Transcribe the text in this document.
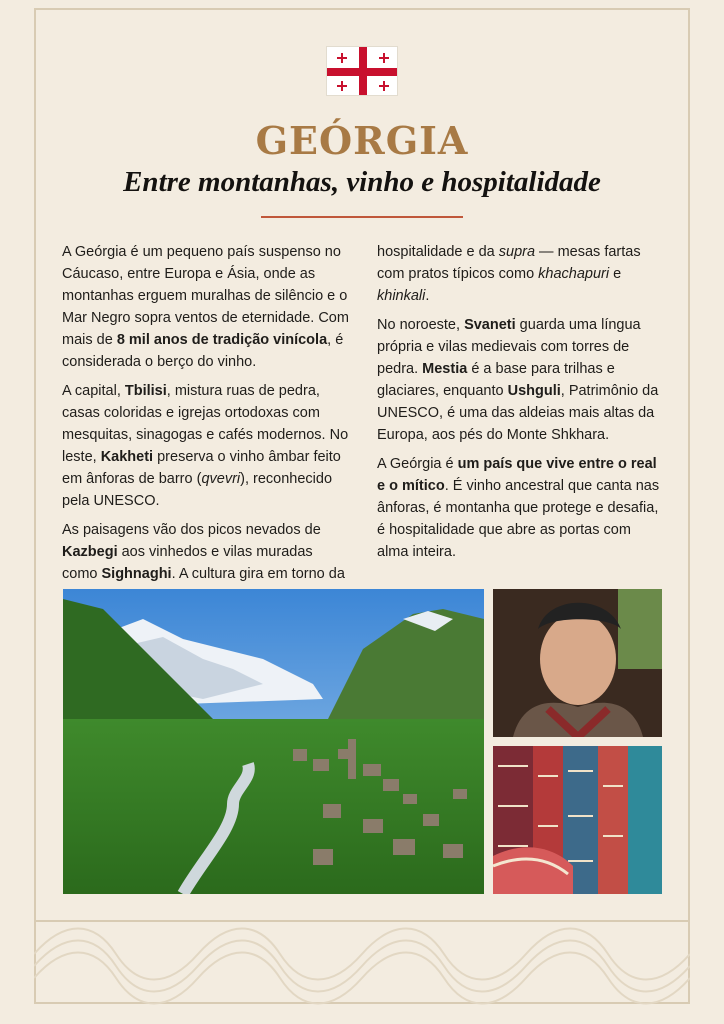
GEÓRGIA
Entre montanhas, vinho e hospitalidade

A Geórgia é um pequeno país suspenso no Cáucaso, entre Europa e Ásia, onde as montanhas erguem muralhas de silêncio e o Mar Negro sopra ventos de eternidade. Com mais de 8 mil anos de tradição vinícola, é considerada o berço do vinho.

A capital, Tbilisi, mistura ruas de pedra, casas coloridas e igrejas ortodoxas com mesquitas, sinagogas e cafés modernos. No leste, Kakheti preserva o vinho âmbar feito em ânforas de barro (qvevri), reconhecido pela UNESCO.

As paisagens vão dos picos nevados de Kazbegi aos vinhedos e vilas muradas como Sighnaghi. A cultura gira em torno da

hospitalidade e da supra — mesas fartas com pratos típicos como khachapuri e khinkali.

No noroeste, Svaneti guarda uma língua própria e vilas medievais com torres de pedra. Mestia é a base para trilhas e glaciares, enquanto Ushguli, Patrimônio da UNESCO, é uma das aldeias mais altas da Europa, aos pés do Monte Shkhara.

A Geórgia é um país que vive entre o real e o mítico. É vinho ancestral que canta nas ânforas, é montanha que protege e desafia, é hospitalidade que abre as portas com alma inteira.
